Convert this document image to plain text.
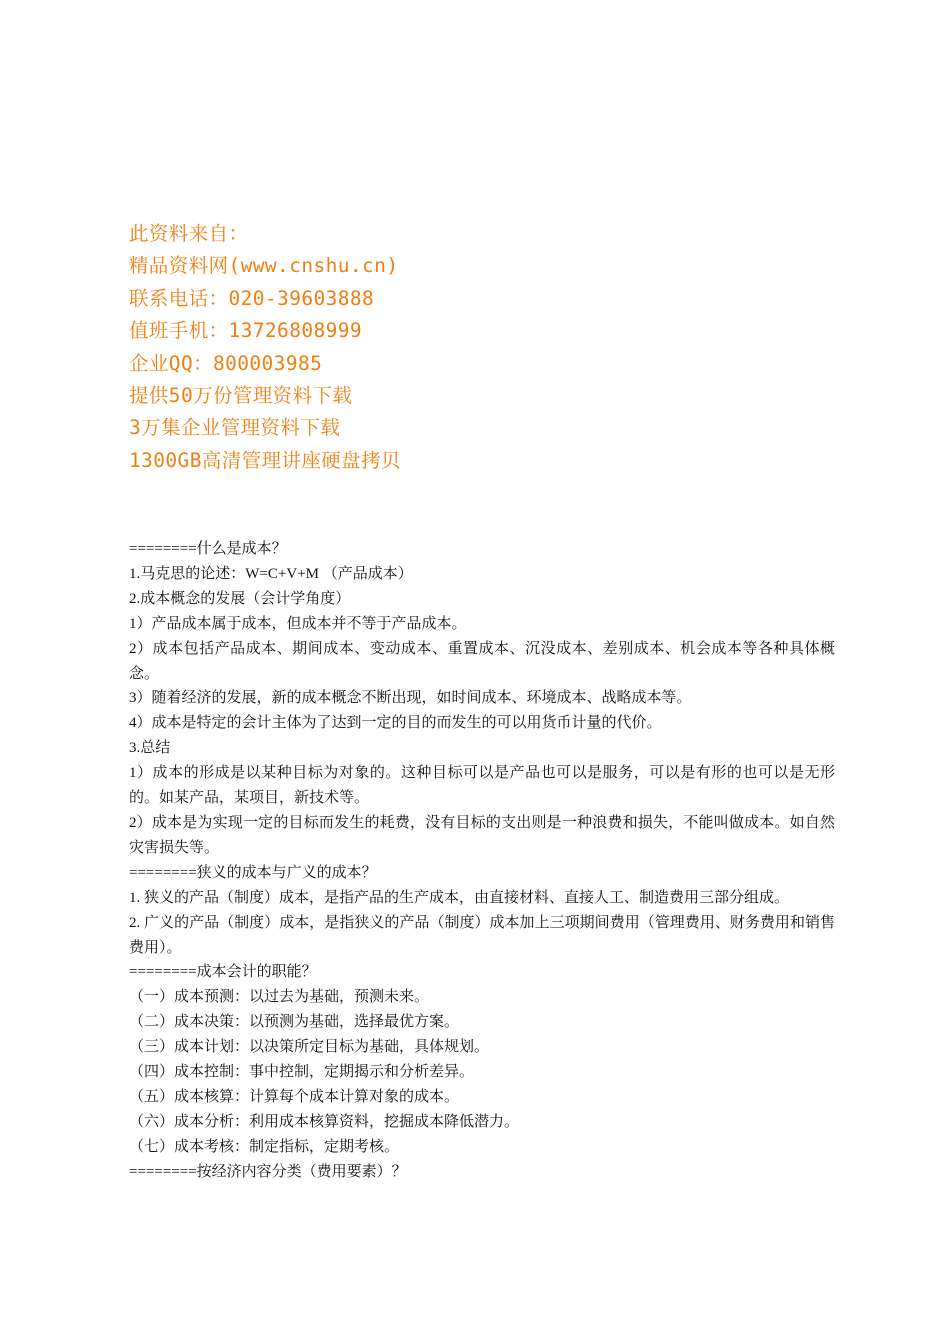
此资料来自：
精品资料网(www.cnshu.cn)
联系电话：020-39603888
值班手机：13726808999
企业QQ：800003985
提供50万份管理资料下载
3万集企业管理资料下载
1300GB高清管理讲座硬盘拷贝

========什么是成本？

1.马克思的论述：W=C+V+M （产品成本）

2.成本概念的发展（会计学角度）

1）产品成本属于成本，但成本并不等于产品成本。

2）成本包括产品成本、期间成本、变动成本、重置成本、沉没成本、差别成本、机会成本等各种具体概念。

3）随着经济的发展，新的成本概念不断出现，如时间成本、环境成本、战略成本等。

4）成本是特定的会计主体为了达到一定的目的而发生的可以用货币计量的代价。

3.总结

1）成本的形成是以某种目标为对象的。这种目标可以是产品也可以是服务，可以是有形的也可以是无形的。如某产品，某项目，新技术等。

2）成本是为实现一定的目标而发生的耗费，没有目标的支出则是一种浪费和损失，不能叫做成本。如自然灾害损失等。

========狭义的成本与广义的成本？

1. 狭义的产品（制度）成本，是指产品的生产成本，由直接材料、直接人工、制造费用三部分组成。

2. 广义的产品（制度）成本，是指狭义的产品（制度）成本加上三项期间费用（管理费用、财务费用和销售费用）。

========成本会计的职能？

（一）成本预测：以过去为基础，预测未来。

（二）成本决策：以预测为基础，选择最优方案。

（三）成本计划：以决策所定目标为基础，具体规划。

（四）成本控制：事中控制，定期揭示和分析差异。

（五）成本核算：计算每个成本计算对象的成本。

（六）成本分析：利用成本核算资料，挖掘成本降低潜力。

（七）成本考核：制定指标，定期考核。

========按经济内容分类（费用要素）？
